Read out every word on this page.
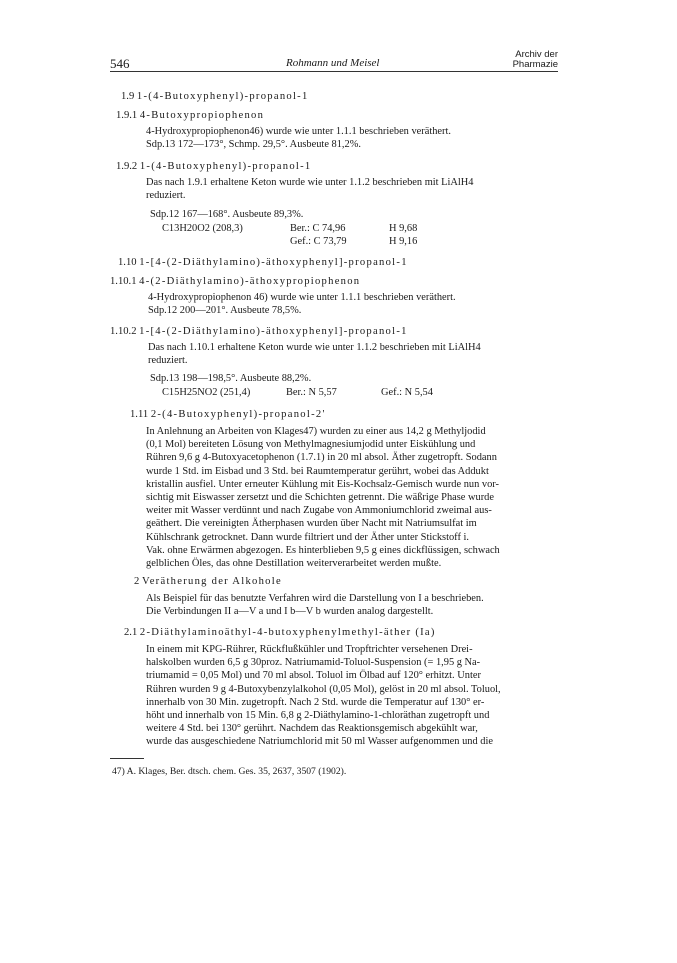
546	Rohmann und Meisel
Archiv der
Pharmazie
1.9 1-(4-Butoxyphenyl)-propanol-1
1.9.1 4-Butoxypropiophenon
4-Hydroxypropiophenon46) wurde wie unter 1.1.1 beschrieben veräthert.
Sdp.13 172—173°, Schmp. 29,5°. Ausbeute 81,2%.
1.9.2 1-(4-Butoxyphenyl)-propanol-1
Das nach 1.9.1 erhaltene Keton wurde wie unter 1.1.2 beschrieben mit LiAlH4
reduziert.
Sdp.12 167—168°. Ausbeute 89,3%.
C13H20O2 (208,3)	Ber.: C 74,96	H 9,68
Gef.: C 73,79	H 9,16
1.10 1-[4-(2-Diäthylamino)-äthoxyphenyl]-propanol-1
1.10.1 4-(2-Diäthylamino)-äthoxypropiophenon
4-Hydroxypropiophenon 46) wurde wie unter 1.1.1 beschrieben veräthert.
Sdp.12 200—201°. Ausbeute 78,5%.
1.10.2 1-[4-(2-Diäthylamino)-äthoxyphenyl]-propanol-1
Das nach 1.10.1 erhaltene Keton wurde wie unter 1.1.2 beschrieben mit LiAlH4
reduziert.
Sdp.13 198—198,5°. Ausbeute 88,2%.
C15H25NO2 (251,4)	Ber.: N 5,57	Gef.: N 5,54
1.11 2-(4-Butoxyphenyl)-propanol-2'
In Anlehnung an Arbeiten von Klages47) wurden zu einer aus 14,2 g Methyljodid
(0,1 Mol) bereiteten Lösung von Methylmagnesiumjodid unter Eiskühlung und
Rühren 9,6 g 4-Butoxyacetophenon (1.7.1) in 20 ml absol. Äther zugetropft. Sodann
wurde 1 Std. im Eisbad und 3 Std. bei Raumtemperatur gerührt, wobei das Addukt
kristallin ausfiel. Unter erneuter Kühlung mit Eis-Kochsalz-Gemisch wurde nun vor-
sichtig mit Eiswasser zersetzt und die Schichten getrennt. Die wäßrige Phase wurde
weiter mit Wasser verdünnt und nach Zugabe von Ammoniumchlorid zweimal aus-
geäthert. Die vereinigten Ätherphasen wurden über Nacht mit Natriumsulfat im
Kühlschrank getrocknet. Dann wurde filtriert und der Äther unter Stickstoff i.
Vak. ohne Erwärmen abgezogen. Es hinterblieben 9,5 g eines dickflüssigen, schwach
gelblichen Öles, das ohne Destillation weiterverarbeitet werden mußte.
2 Verätherung der Alkohole
Als Beispiel für das benutzte Verfahren wird die Darstellung von I a beschrieben.
Die Verbindungen II a—V a und I b—V b wurden analog dargestellt.
2.1 2-Diäthylaminoäthyl-4-butoxyphenylmethyl-äther (Ia)
In einem mit KPG-Rührer, Rückflußkühler und Tropftrichter versehenen Drei-
halskolben wurden 6,5 g 30proz. Natriumamid-Toluol-Suspension (= 1,95 g Na-
triumamid = 0,05 Mol) und 70 ml absol. Toluol im Ölbad auf 120° erhitzt. Unter
Rühren wurden 9 g 4-Butoxybenzylalkohol (0,05 Mol), gelöst in 20 ml absol. Toluol,
innerhalb von 30 Min. zugetropft. Nach 2 Std. wurde die Temperatur auf 130° er-
höht und innerhalb von 15 Min. 6,8 g 2-Diäthylamino-1-chloräthan zugetropft und
weitere 4 Std. bei 130° gerührt. Nachdem das Reaktionsgemisch abgekühlt war,
wurde das ausgeschiedene Natriumchlorid mit 50 ml Wasser aufgenommen und die
47) A. Klages, Ber. dtsch. chem. Ges. 35, 2637, 3507 (1902).
